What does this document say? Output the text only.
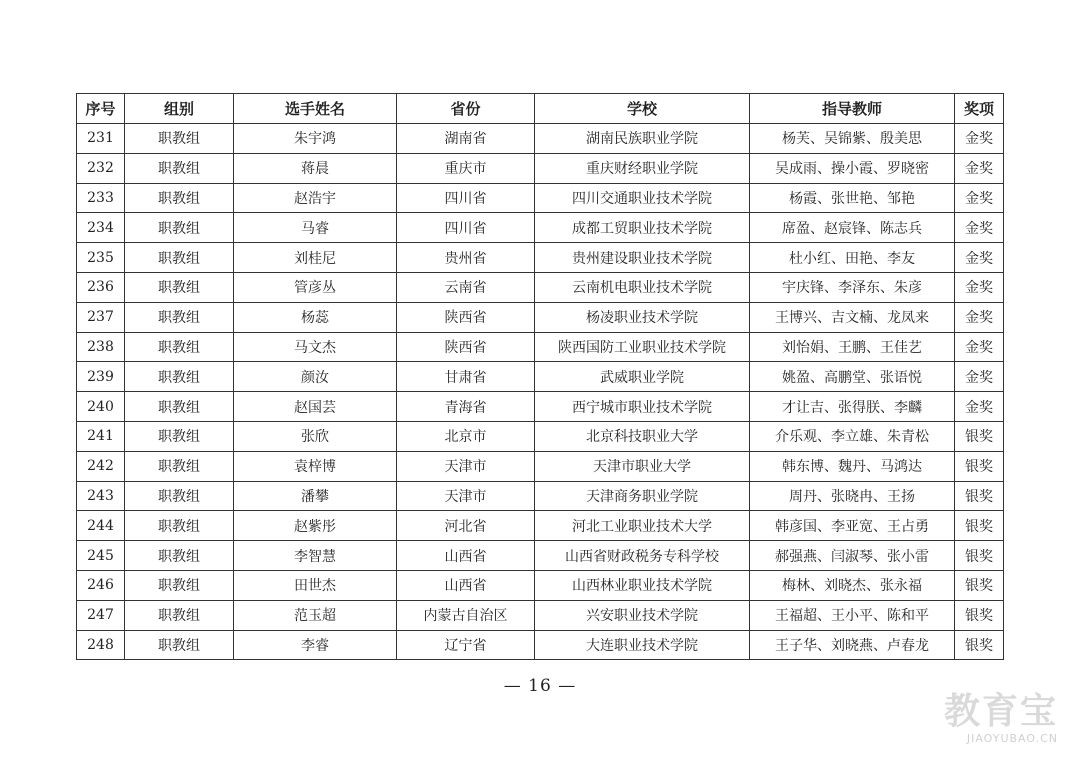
序号	组别	选手姓名	省份	学校	指导教师	奖项
231	职教组	朱宇鸿	湖南省	湖南民族职业学院	杨芙、吴锦紫、殷美思	金奖
232	职教组	蒋晨	重庆市	重庆财经职业学院	吴成雨、操小霞、罗晓密	金奖
233	职教组	赵浩宇	四川省	四川交通职业技术学院	杨霞、张世艳、邹艳	金奖
234	职教组	马睿	四川省	成都工贸职业技术学院	席盈、赵宸锋、陈志兵	金奖
235	职教组	刘桂尼	贵州省	贵州建设职业技术学院	杜小红、田艳、李友	金奖
236	职教组	管彦丛	云南省	云南机电职业技术学院	宇庆锋、李泽东、朱彦	金奖
237	职教组	杨蕊	陕西省	杨凌职业技术学院	王博兴、吉文楠、龙凤来	金奖
238	职教组	马文杰	陕西省	陕西国防工业职业技术学院	刘怡娟、王鹏、王佳艺	金奖
239	职教组	颜汝	甘肃省	武威职业学院	姚盈、高鹏堂、张语悦	金奖
240	职教组	赵国芸	青海省	西宁城市职业技术学院	才让吉、张得朕、李麟	金奖
241	职教组	张欣	北京市	北京科技职业大学	介乐观、李立雄、朱青松	银奖
242	职教组	袁梓博	天津市	天津市职业大学	韩东博、魏丹、马鸿达	银奖
243	职教组	潘攀	天津市	天津商务职业学院	周丹、张晓冉、王扬	银奖
244	职教组	赵紫彤	河北省	河北工业职业技术大学	韩彦国、李亚宽、王占勇	银奖
245	职教组	李智慧	山西省	山西省财政税务专科学校	郝强燕、闫淑琴、张小雷	银奖
246	职教组	田世杰	山西省	山西林业职业技术学院	梅林、刘晓杰、张永福	银奖
247	职教组	范玉超	内蒙古自治区	兴安职业技术学院	王福超、王小平、陈和平	银奖
248	职教组	李睿	辽宁省	大连职业技术学院	王子华、刘晓燕、卢春龙	银奖
— 16 —
教育宝
JIAOYUBAO.CN
